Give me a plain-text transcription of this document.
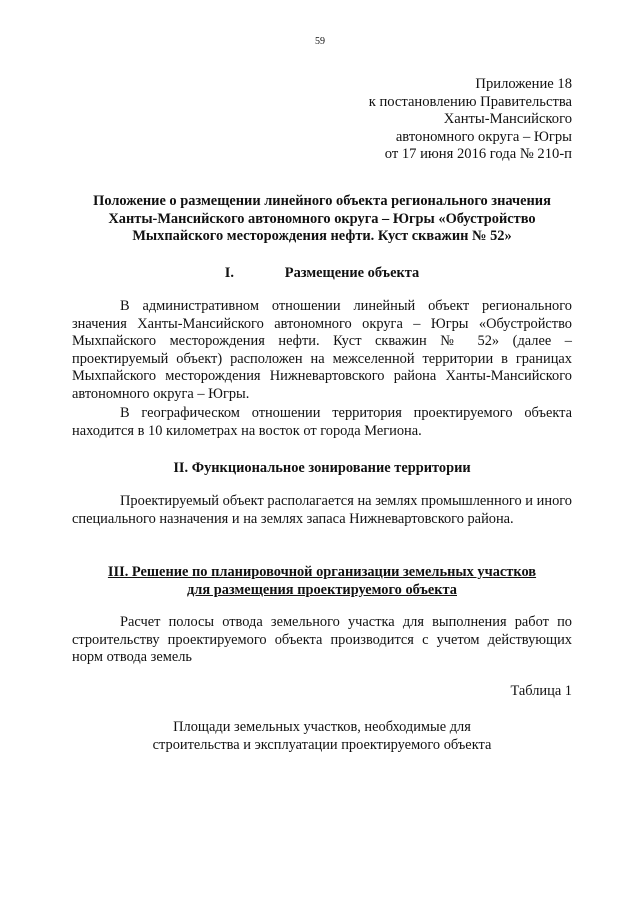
59
Приложение 18
к постановлению Правительства
Ханты-Мансийского
автономного округа – Югры
от 17 июня 2016 года № 210-п
Положение о размещении линейного объекта регионального значения Ханты-Мансийского автономного округа – Югры «Обустройство Мыхпайского месторождения нефти. Куст скважин № 52»
I.	Размещение объекта

В административном отношении линейный объект регионального значения Ханты-Мансийского автономного округа – Югры «Обустройство Мыхпайского месторождения нефти. Куст скважин № 52» (далее – проектируемый объект) расположен на межселенной территории в границах Мыхпайского месторождения Нижневартовского района Ханты-Мансийского автономного округа – Югры.

В географическом отношении территория проектируемого объекта находится в 10 километрах на восток от города Мегиона.

II. Функциональное зонирование территории

Проектируемый объект располагается на землях промышленного и иного специального назначения и на землях запаса Нижневартовского района.

III. Решение по планировочной организации земельных участков
для размещения проектируемого объекта

Расчет полосы отвода земельного участка для выполнения работ по строительству проектируемого объекта производится с учетом действующих норм отвода земель

Таблица 1
Площади земельных участков, необходимые для
строительства и эксплуатации проектируемого объекта
